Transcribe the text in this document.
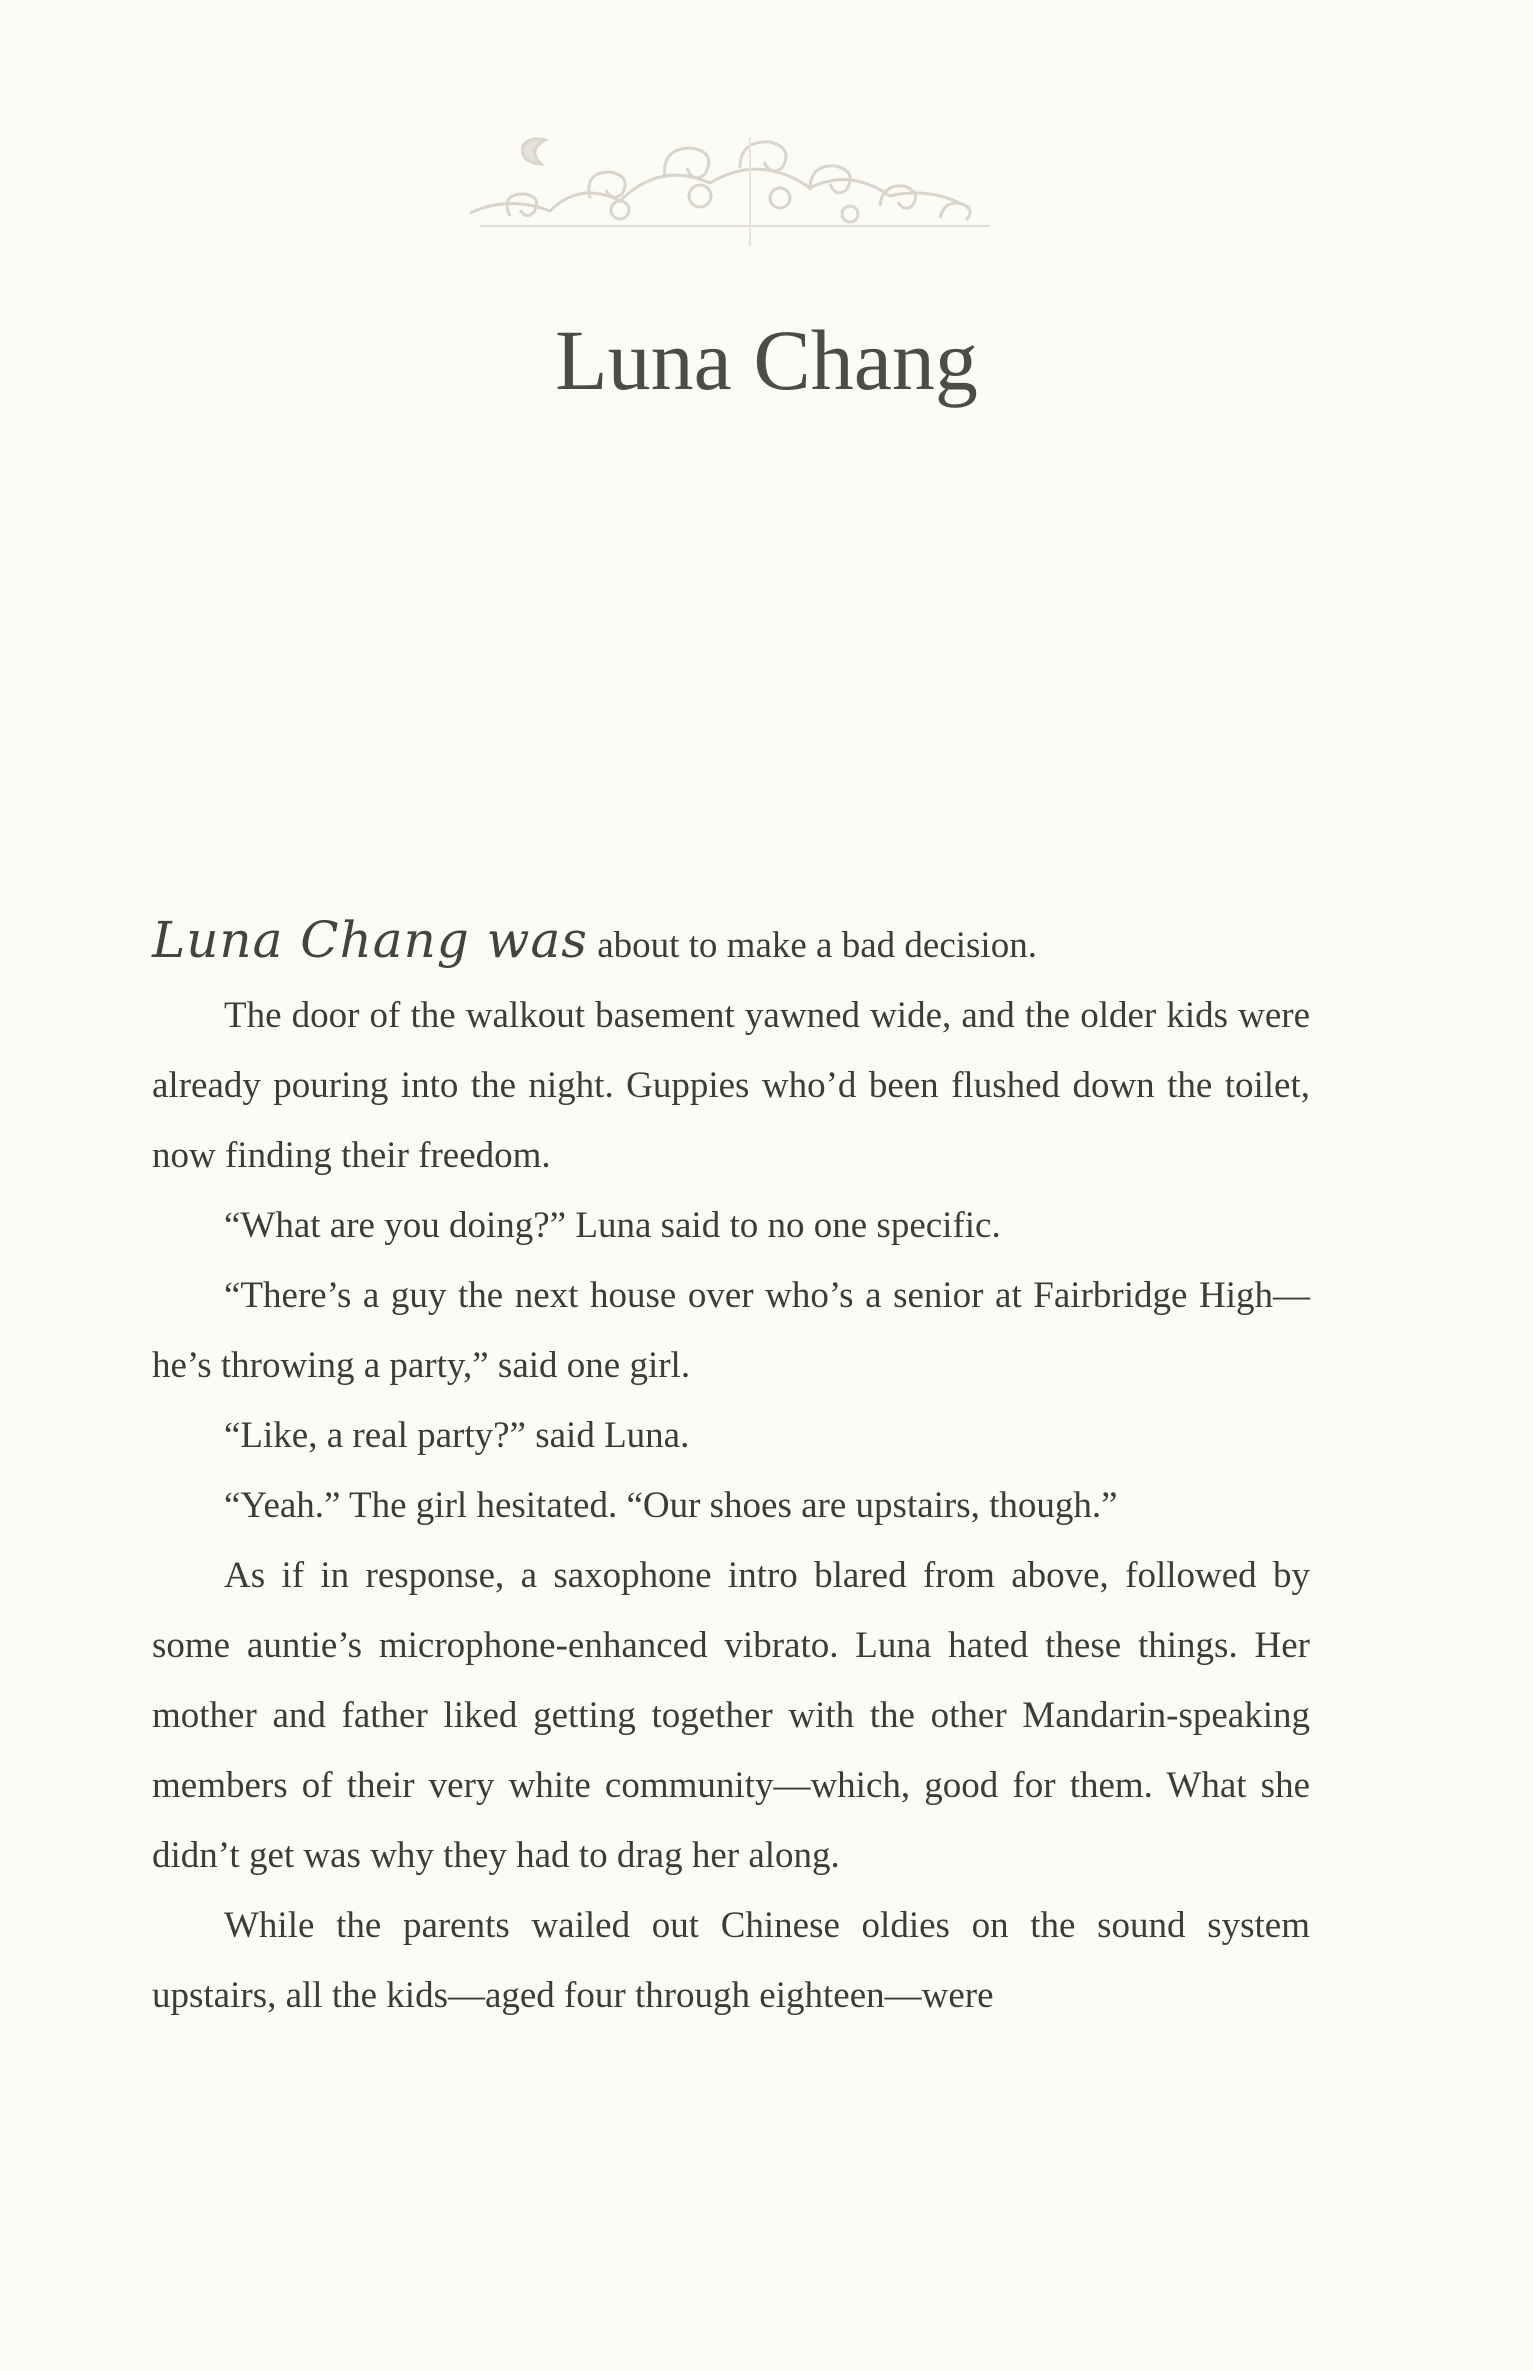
Luna Chang

Luna Chang was about to make a bad decision.

The door of the walkout basement yawned wide, and the older kids were already pouring into the night. Guppies who’d been flushed down the toilet, now finding their freedom.

“What are you doing?” Luna said to no one specific.

“There’s a guy the next house over who’s a senior at Fairbridge High—he’s throwing a party,” said one girl.

“Like, a real party?” said Luna.

“Yeah.” The girl hesitated. “Our shoes are upstairs, though.”

As if in response, a saxophone intro blared from above, followed by some auntie’s microphone-enhanced vibrato. Luna hated these things. Her mother and father liked getting together with the other Mandarin-speaking members of their very white community—which, good for them. What she didn’t get was why they had to drag her along.

While the parents wailed out Chinese oldies on the sound system upstairs, all the kids—aged four through eighteen—were
